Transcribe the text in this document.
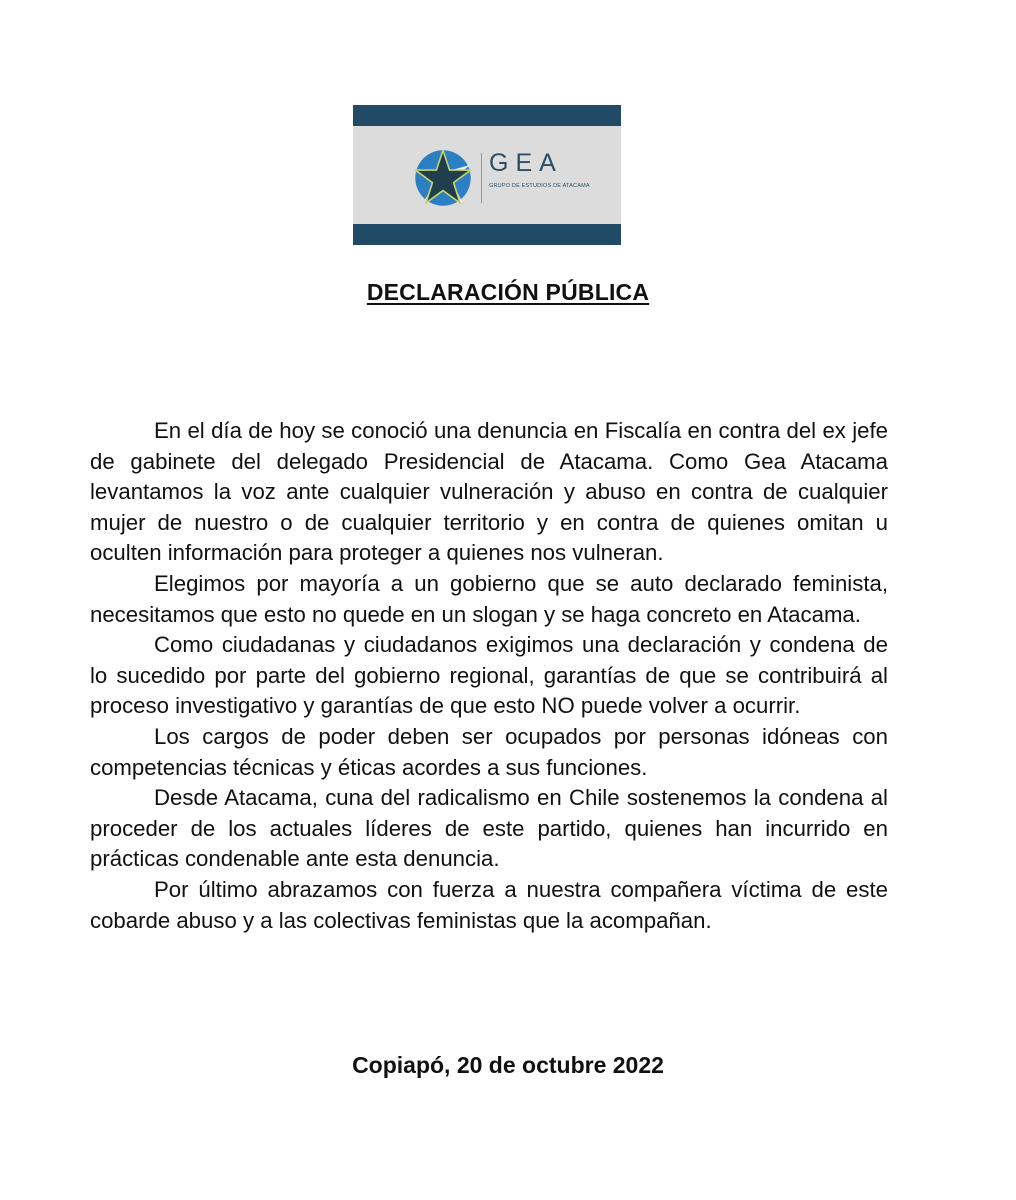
GEA
GRUPO DE ESTUDIOS DE ATACAMA
DECLARACIÓN PÚBLICA

En el día de hoy se conoció una denuncia en Fiscalía en contra del ex jefe de gabinete del delegado Presidencial de Atacama. Como Gea Atacama levantamos la voz ante cualquier vulneración y abuso en contra de cualquier mujer de nuestro o de cualquier territorio y en contra de quienes omitan u oculten información para proteger a quienes nos vulneran.

Elegimos por mayoría a un gobierno que se auto declarado feminista, necesitamos que esto no quede en un slogan y se haga concreto en Atacama.

Como ciudadanas y ciudadanos exigimos una declaración y condena de lo sucedido por parte del gobierno regional, garantías de que se contribuirá al proceso investigativo y garantías de que esto NO puede volver a ocurrir.

Los cargos de poder deben ser ocupados por personas idóneas con competencias técnicas y éticas acordes a sus funciones.

Desde Atacama, cuna del radicalismo en Chile sostenemos la condena al proceder de los actuales líderes de este partido, quienes han incurrido en prácticas condenable ante esta denuncia.

Por último abrazamos con fuerza a nuestra compañera víctima de este cobarde abuso y a las colectivas feministas que la acompañan.

Copiapó, 20 de octubre 2022
